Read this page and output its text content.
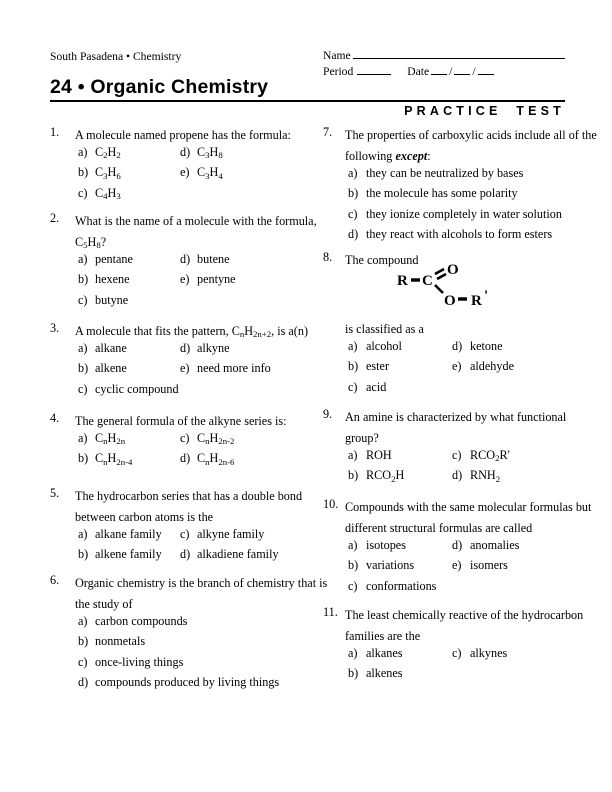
South Pasadena • Chemistry	Name
Period	Date / /
24 • Organic Chemistry
PRACTICE TEST
1.	A molecule named propene has the formula:
a) $C_2H_2$	d) $C_3H_8$
b) $C_3H_6$	e) $C_3H_4$
c) $C_4H_3$
2.	What is the name of a molecule with the formula,
$C_5H_8$?
a) pentane	d) butene
b) hexene	e) pentyne
c) butyne
3.	A molecule that fits the pattern, $C_nH_{2n+2}$, is a(n)
a) alkane	d) alkyne
b) alkene	e) need more info
c) cyclic compound
4.	The general formula of the alkyne series is:
a) $C_nH_{2n}$	c) $C_nH_{2n-2}$
b) $C_nH_{2n-4}$	d) $C_nH_{2n-6}$
5.	The hydrocarbon series that has a double bond
between carbon atoms is the
a) alkane family c) alkyne family
b) alkene family d) alkadiene family
6.	Organic chemistry is the branch of chemistry that is
the study of
a) carbon compounds
b) nonmetals
c) once-living things
d) compounds produced by living things
7.	The properties of carboxylic acids include all of the
following except:
a) they can be neutralized by bases
b) the molecule has some polarity
c) they ionize completely in water solution
d) they react with alcohols to form esters
8.	The compound
R C
O
O R '
is classified as a
a) alcohol	d) ketone
b) ester	e) aldehyde
c) acid
9.	An amine is characterized by what functional
group?
a) ROH	c) $RCO_2R'$
b) $RCO_2H$	d) $RNH_2$
10. Compounds with the same molecular formulas but
different structural formulas are called
a) isotopes	d) anomalies
b) variations	e) isomers
c) conformations
11. The least chemically reactive of the hydrocarbon
families are the
a) alkanes	c) alkynes
b) alkenes
